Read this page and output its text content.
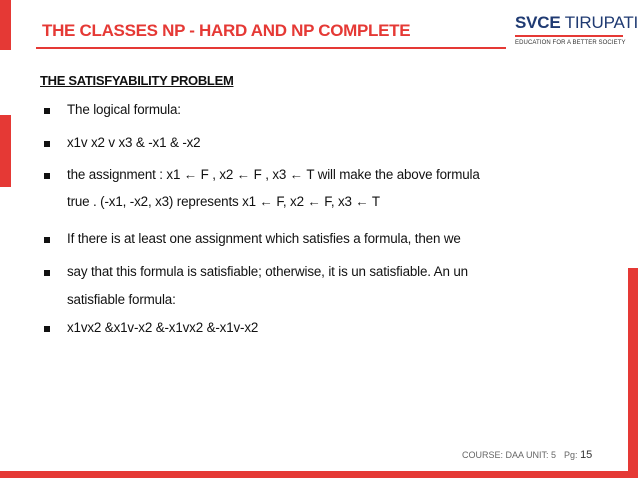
THE CLASSES NP - HARD AND NP COMPLETE	SVCE TIRUPATI
EDUCATION FOR A BETTER SOCIETY
THE SATISFYABILITY PROBLEM
The logical formula:
x1v x2 v x3 & -x1 & -x2
the assignment : x1 ← F , x2 ← F , x3 ← T will make the above formula
true . (-x1, -x2, x3) represents x1 ← F, x2 ← F, x3 ← T
If there is at least one assignment which satisfies a formula, then we
say that this formula is satisfiable; otherwise, it is un satisfiable. An un
satisfiable formula:
x1vx2 &x1v-x2 &-x1vx2 &-x1v-x2
COURSE: DAA UNIT: 5 Pg: 15
